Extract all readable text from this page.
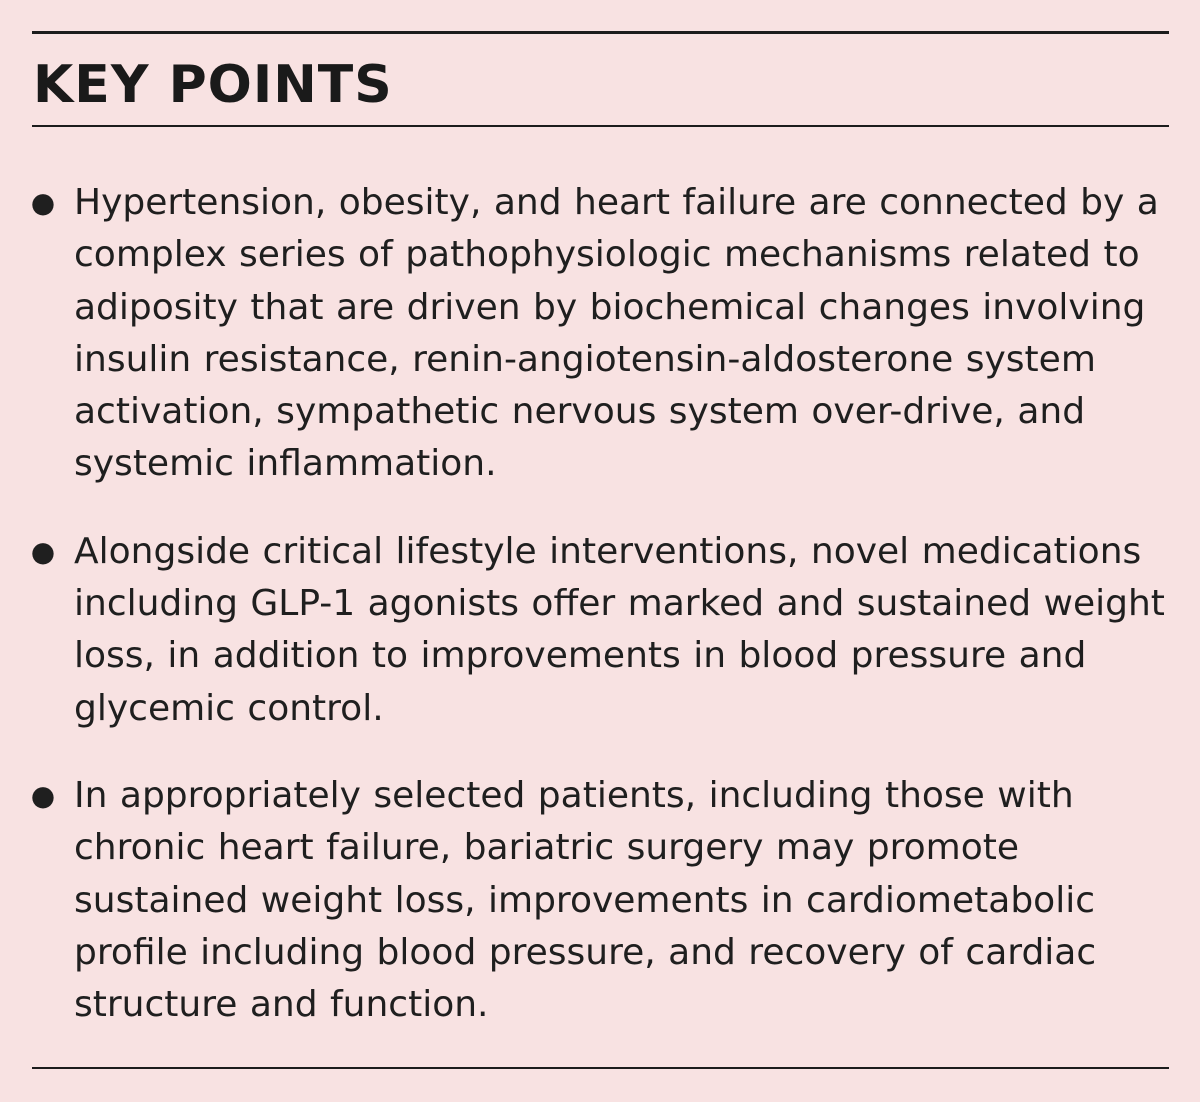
KEY POINTS
● Hypertension, obesity, and heart failure are connected by a complex series of pathophysiologic mechanisms related to adiposity that are driven by biochemical changes involving insulin resistance, renin-angiotensin-aldosterone system activation, sympathetic nervous system over-drive, and systemic inflammation.
● Alongside critical lifestyle interventions, novel medications including GLP-1 agonists offer marked and sustained weight loss, in addition to improvements in blood pressure and glycemic control.
● In appropriately selected patients, including those with chronic heart failure, bariatric surgery may promote sustained weight loss, improvements in cardiometabolic profile including blood pressure, and recovery of cardiac structure and function.
